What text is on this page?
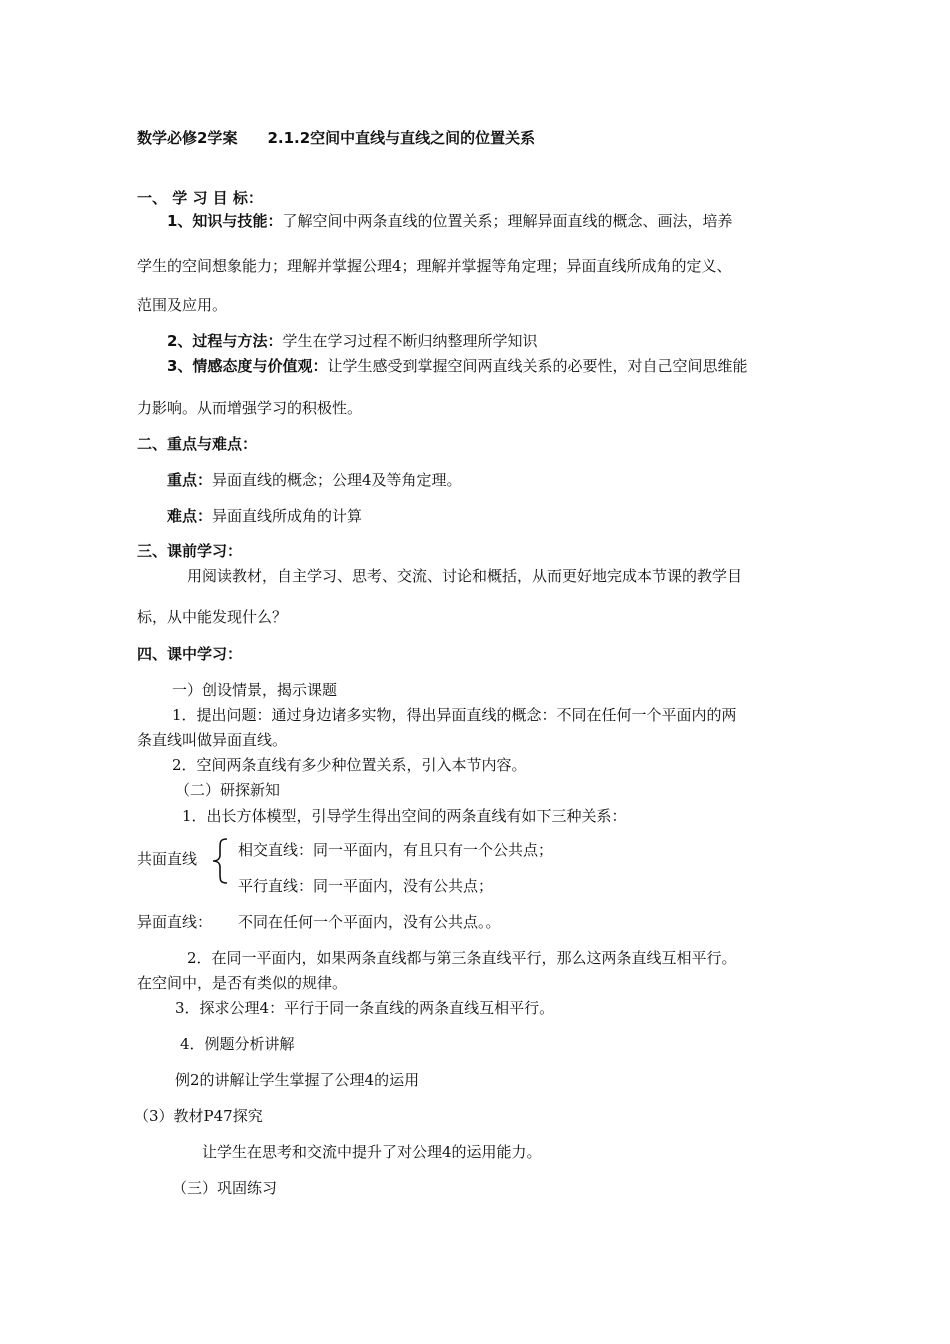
数学必修2学案　　2.1.2空间中直线与直线之间的位置关系
一、 学 习 目 标：
1、知识与技能：了解空间中两条直线的位置关系；理解异面直线的概念、画法，培养
学生的空间想象能力；理解并掌握公理4；理解并掌握等角定理；异面直线所成角的定义、
范围及应用。
2、过程与方法：学生在学习过程不断归纳整理所学知识
3、情感态度与价值观：让学生感受到掌握空间两直线关系的必要性，对自己空间思维能
力影响。从而增强学习的积极性。
二、重点与难点：
重点：异面直线的概念；公理4及等角定理。
难点：异面直线所成角的计算
三、课前学习：
用阅读教材，自主学习、思考、交流、讨论和概括，从而更好地完成本节课的教学目
标，从中能发现什么？
四、课中学习：
一）创设情景，揭示课题
1．提出问题：通过身边诸多实物，得出异面直线的概念：不同在任何一个平面内的两
条直线叫做异面直线。
2．空间两条直线有多少种位置关系，引入本节内容。
（二）研探新知
1．出长方体模型，引导学生得出空间的两条直线有如下三种关系：
共面直线	相交直线：同一平面内，有且只有一个公共点；
平行直线：同一平面内，没有公共点；
异面直线： 不同在任何一个平面内，没有公共点。。
2．在同一平面内，如果两条直线都与第三条直线平行，那么这两条直线互相平行。
在空间中，是否有类似的规律。
3．探求公理4：平行于同一条直线的两条直线互相平行。
4．例题分析讲解
例2的讲解让学生掌握了公理4的运用
（3）教材P47探究
让学生在思考和交流中提升了对公理4的运用能力。
（三）巩固练习
